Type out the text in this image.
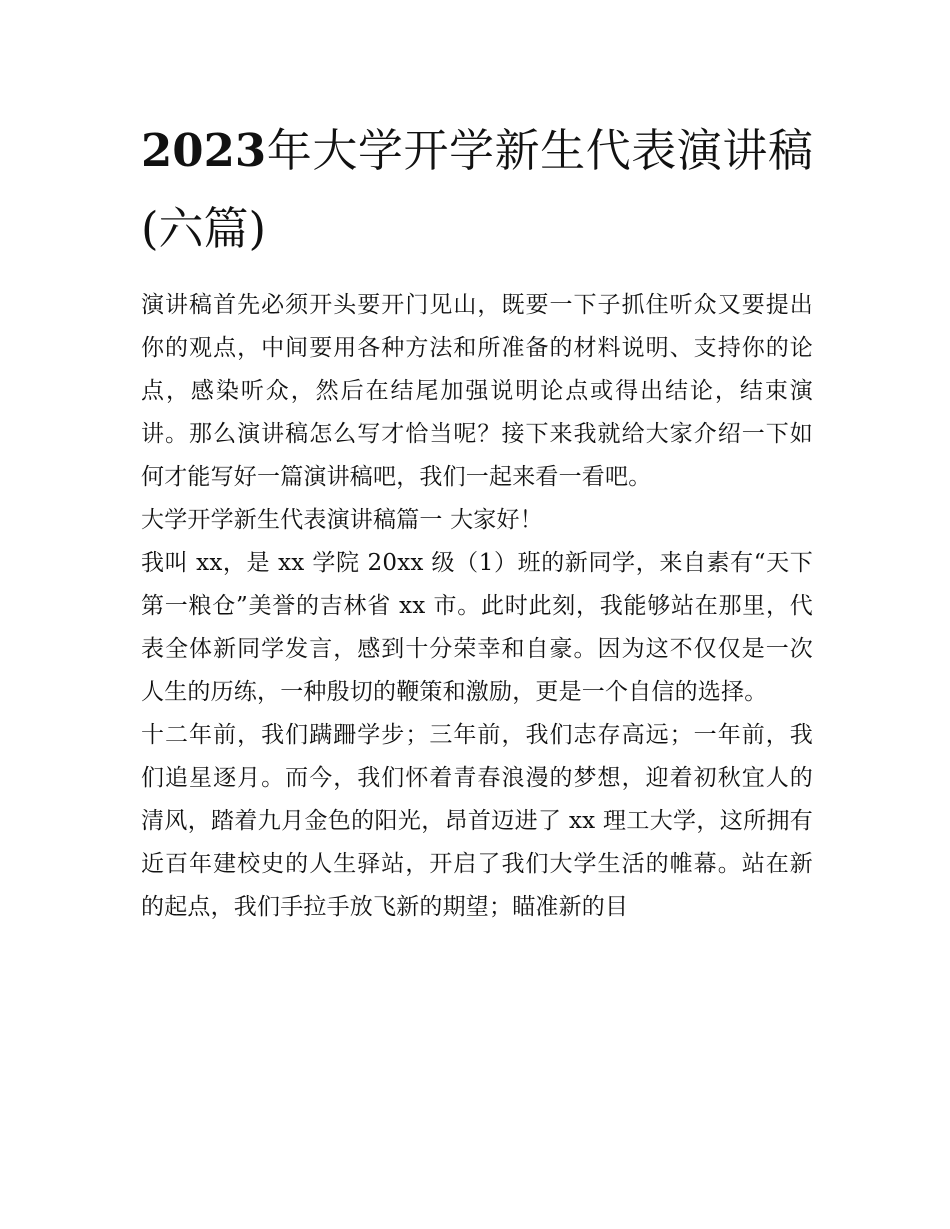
2023年大学开学新生代表演讲稿(六篇)

演讲稿首先必须开头要开门见山，既要一下子抓住听众又要提出你的观点，中间要用各种方法和所准备的材料说明、支持你的论点，感染听众，然后在结尾加强说明论点或得出结论，结束演讲。那么演讲稿怎么写才恰当呢？接下来我就给大家介绍一下如何才能写好一篇演讲稿吧，我们一起来看一看吧。

大学开学新生代表演讲稿篇一 大家好！

我叫 xx，是 xx 学院 20xx 级（1）班的新同学，来自素有“天下第一粮仓”美誉的吉林省 xx 市。此时此刻，我能够站在那里，代表全体新同学发言，感到十分荣幸和自豪。因为这不仅仅是一次人生的历练，一种殷切的鞭策和激励，更是一个自信的选择。

十二年前，我们蹒跚学步；三年前，我们志存高远；一年前，我们追星逐月。而今，我们怀着青春浪漫的梦想，迎着初秋宜人的清风，踏着九月金色的阳光，昂首迈进了 xx 理工大学，这所拥有近百年建校史的人生驿站，开启了我们大学生活的帷幕。站在新的起点，我们手拉手放飞新的期望；瞄准新的目
